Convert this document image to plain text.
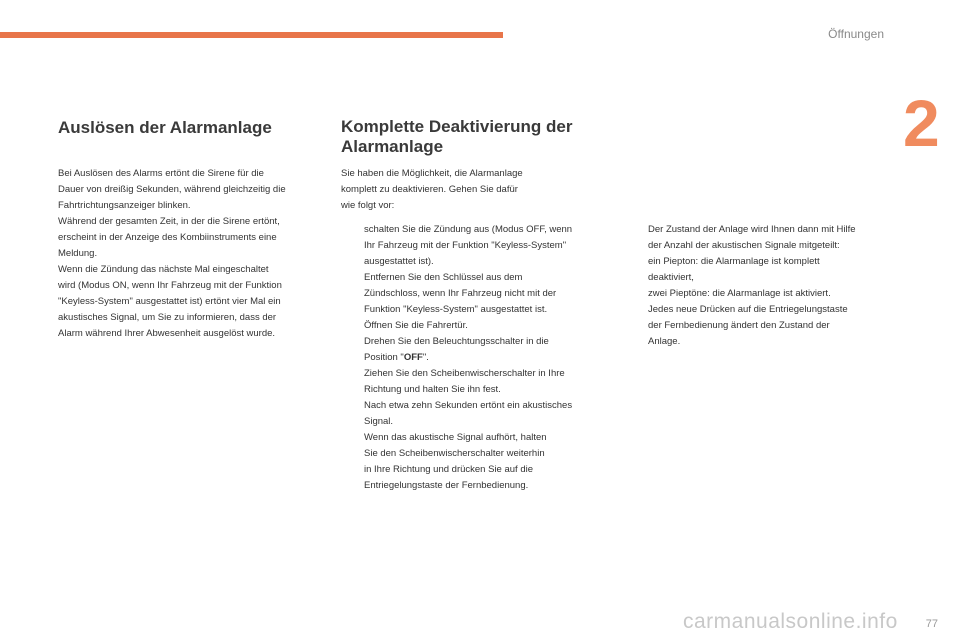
Öffnungen
2
Auslösen der Alarmanlage

Bei Auslösen des Alarms ertönt die Sirene für die
Dauer von dreißig Sekunden, während gleichzeitig die
Fahrtrichtungsanzeiger blinken.
Während der gesamten Zeit, in der die Sirene ertönt,
erscheint in der Anzeige des Kombiinstruments eine
Meldung.
Wenn die Zündung das nächste Mal eingeschaltet
wird (Modus ON, wenn Ihr Fahrzeug mit der Funktion
"Keyless-System" ausgestattet ist) ertönt vier Mal ein
akustisches Signal, um Sie zu informieren, dass der
Alarm während Ihrer Abwesenheit ausgelöst wurde.

Komplette Deaktivierung der
Alarmanlage

Sie haben die Möglichkeit, die Alarmanlage
komplett zu deaktivieren. Gehen Sie dafür
wie folgt vor:

schalten Sie die Zündung aus (Modus OFF, wenn
Ihr Fahrzeug mit der Funktion "Keyless-System"
ausgestattet ist).
Entfernen Sie den Schlüssel aus dem
Zündschloss, wenn Ihr Fahrzeug nicht mit der
Funktion "Keyless-System" ausgestattet ist.
Öffnen Sie die Fahrertür.
Drehen Sie den Beleuchtungsschalter in die
Position "OFF".
Ziehen Sie den Scheibenwischerschalter in Ihre
Richtung und halten Sie ihn fest.
Nach etwa zehn Sekunden ertönt ein akustisches
Signal.
Wenn das akustische Signal aufhört, halten
Sie den Scheibenwischerschalter weiterhin
in Ihre Richtung und drücken Sie auf die
Entriegelungstaste der Fernbedienung.
Der Zustand der Anlage wird Ihnen dann mit Hilfe
der Anzahl der akustischen Signale mitgeteilt:
ein Piepton: die Alarmanlage ist komplett
deaktiviert,
zwei Pieptöne: die Alarmanlage ist aktiviert.
Jedes neue Drücken auf die Entriegelungstaste
der Fernbedienung ändert den Zustand der
Anlage.
carmanualsonline.info	77
